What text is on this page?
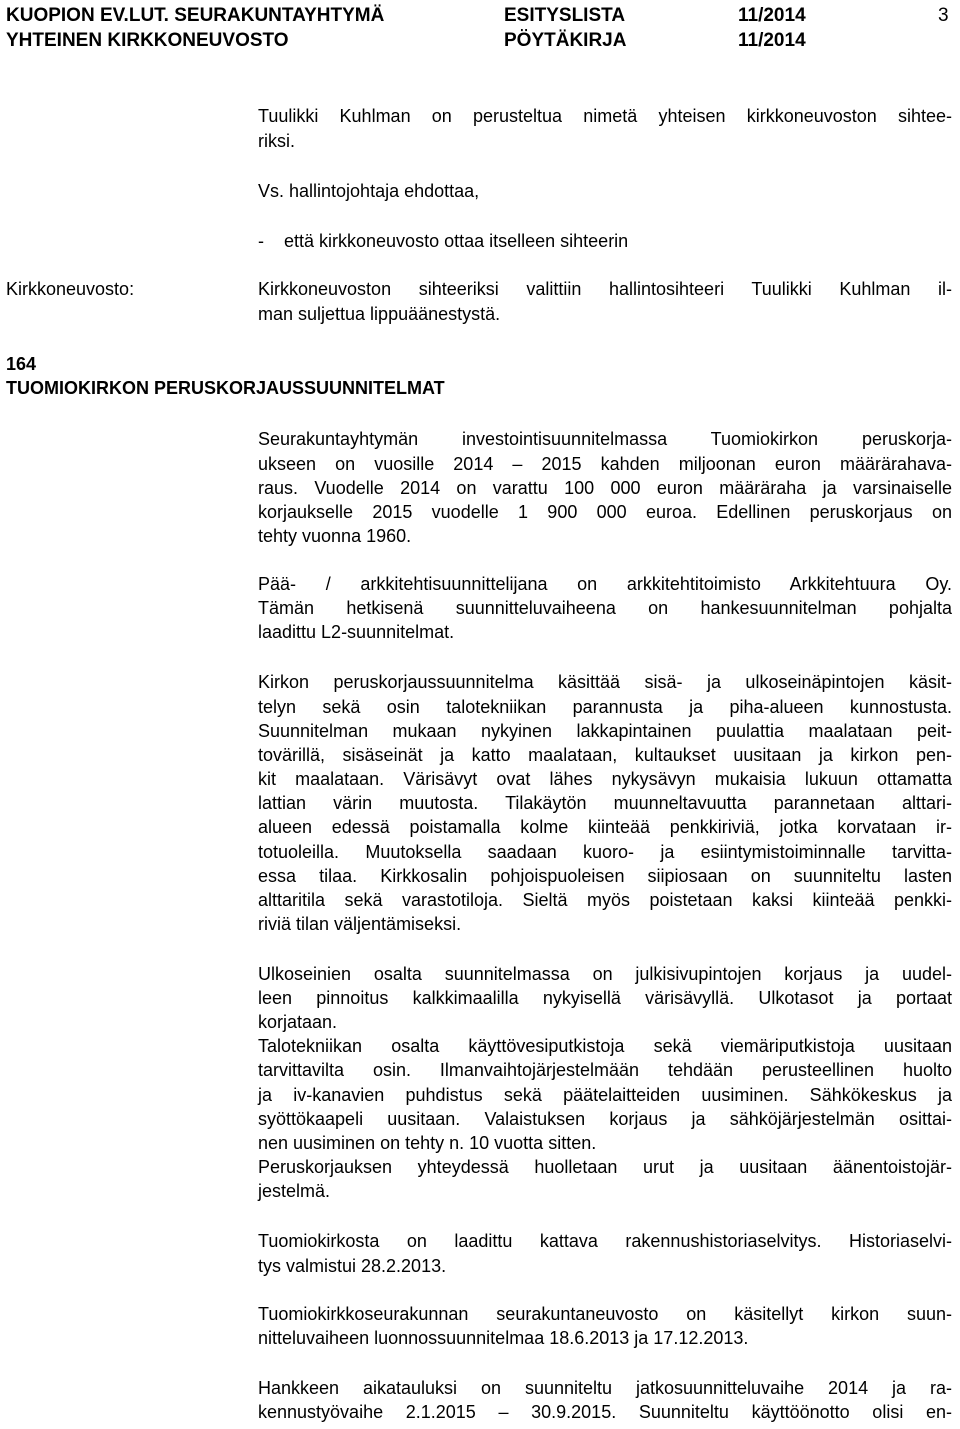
KUOPION EV.LUT. SEURAKUNTAYHTYMÄ
YHTEINEN KIRKKONEUVOSTO
ESITYSLISTA
PÖYTÄKIRJA
11/2014
11/2014
3
Tuulikki Kuhlman on perusteltua nimetä yhteisen kirkkoneuvoston sihtee-
riksi.
Vs. hallintojohtaja ehdottaa,
-    että kirkkoneuvosto ottaa itselleen sihteerin
Kirkkoneuvosto:	Kirkkoneuvoston sihteeriksi valittiin hallintosihteeri Tuulikki Kuhlman il-
man suljettua lippuäänestystä.
164
TUOMIOKIRKON PERUSKORJAUSSUUNNITELMAT
Seurakuntayhtymän investointisuunnitelmassa Tuomiokirkon peruskorja-
ukseen on vuosille 2014 – 2015 kahden miljoonan euron määrärahava-
raus. Vuodelle 2014 on varattu 100 000 euron määräraha ja varsinaiselle
korjaukselle 2015 vuodelle 1 900 000 euroa. Edellinen peruskorjaus on
tehty vuonna 1960.
Pää- / arkkitehtisuunnittelijana on arkkitehtitoimisto Arkkitehtuura Oy.
Tämän hetkisenä suunnitteluvaiheena on hankesuunnitelman pohjalta
laadittu L2-suunnitelmat.
Kirkon peruskorjaussuunnitelma käsittää sisä- ja ulkoseinäpintojen käsit-
telyn sekä osin talotekniikan parannusta ja piha-alueen kunnostusta.
Suunnitelman mukaan nykyinen lakkapintainen puulattia maalataan peit-
tovärillä, sisäseinät ja katto maalataan, kultaukset uusitaan ja kirkon pen-
kit maalataan. Värisävyt ovat lähes nykysävyn mukaisia lukuun ottamatta
lattian värin muutosta. Tilakäytön muunneltavuutta parannetaan alttari-
alueen edessä poistamalla kolme kiinteää penkkiriviä, jotka korvataan ir-
totuoleilla. Muutoksella saadaan kuoro- ja esiintymistoiminnalle tarvitta-
essa tilaa. Kirkkosalin pohjoispuoleisen siipiosaan on suunniteltu lasten
alttaritila sekä varastotiloja. Sieltä myös poistetaan kaksi kiinteää penkki-
riviä tilan väljentämiseksi.
Ulkoseinien osalta suunnitelmassa on julkisivupintojen korjaus ja uudel-
leen pinnoitus kalkkimaalilla nykyisellä värisävyllä. Ulkotasot ja portaat
korjataan.
Talotekniikan osalta käyttövesiputkistoja sekä viemäriputkistoja uusitaan
tarvittavilta osin. Ilmanvaihtojärjestelmään tehdään perusteellinen huolto
ja iv-kanavien puhdistus sekä päätelaitteiden uusiminen. Sähkökeskus ja
syöttökaapeli uusitaan. Valaistuksen korjaus ja sähköjärjestelmän osittai-
nen uusiminen on tehty n. 10 vuotta sitten.
Peruskorjauksen yhteydessä huolletaan urut ja uusitaan äänentoistojär-
jestelmä.
Tuomiokirkosta on laadittu kattava rakennushistoriaselvitys. Historiaselvi-
tys valmistui 28.2.2013.
Tuomiokirkkoseurakunnan seurakuntaneuvosto on käsitellyt kirkon suun-
nitteluvaiheen luonnossuunnitelmaa 18.6.2013 ja 17.12.2013.
Hankkeen aikatauluksi on suunniteltu jatkosuunnitteluvaihe 2014 ja ra-
kennustyövaihe 2.1.2015 – 30.9.2015. Suunniteltu käyttöönotto olisi en-
